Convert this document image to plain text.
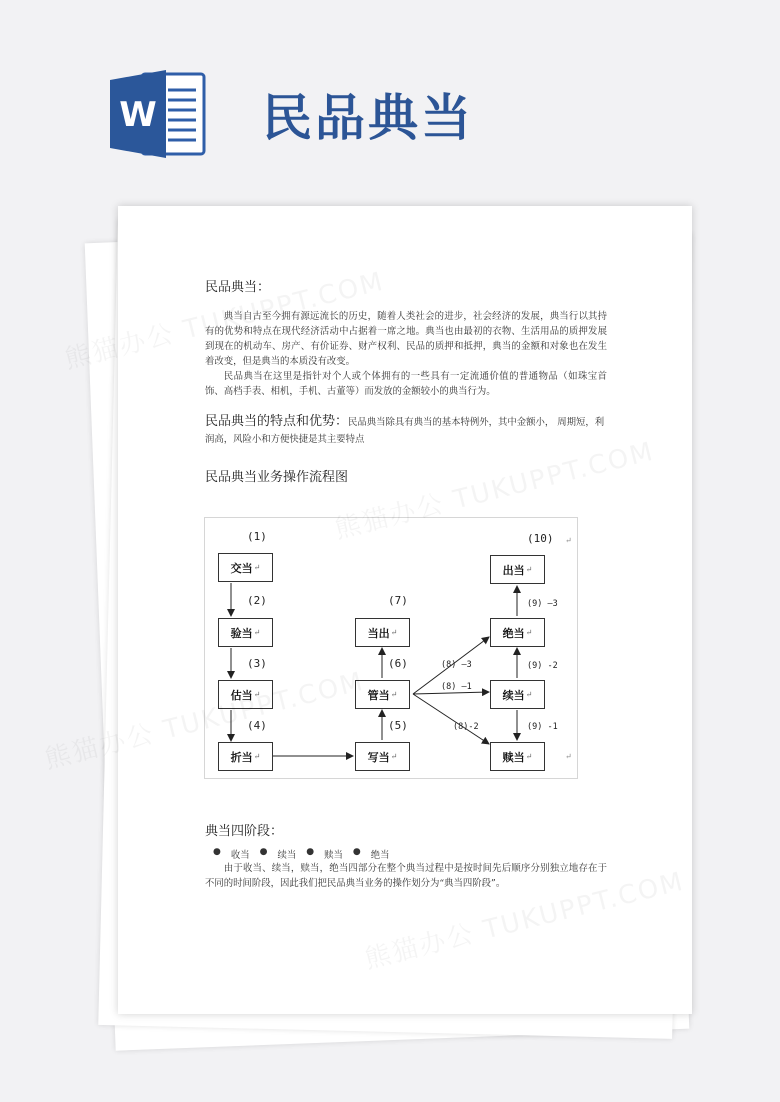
W 民品典当
民品典当：

典当自古至今拥有源远流长的历史，随着人类社会的进步，社会经济的发展，典当行以其持有的优势和特点在现代经济活动中占据着一席之地。典当也由最初的衣物、生活用品的质押发展到现在的机动车、房产、有价证券、财产权利、民品的质押和抵押，典当的金额和对象也在发生着改变，但是典当的本质没有改变。

民品典当在这里是指针对个人或个体拥有的一些具有一定流通价值的普通物品（如珠宝首饰、高档手表、相机，手机、古董等）而发放的金额较小的典当行为。

民品典当的特点和优势：民品典当除具有典当的基本特例外，其中金额小， 周期短，利润高，风险小和方便快捷是其主要特点
民品典当业务操作流程图
(1)
交当 ↵
(2)
验当 ↵
(3)
估当 ↵
(4)
折当 ↵
(7)
当出 ↵
(6)
管当 ↵
(5)
写当 ↵
(8) —3
(8) —1
(8)-2
(10) ↵
出当 ↵
(9) —3
绝当 ↵
(9) -2
续当 ↵
(9) -1
赎当 ↵	↵
典当四阶段：
● 收当 ● 续当 ● 赎当 ● 绝当

由于收当、续当，赎当，绝当四部分在整个典当过程中是按时间先后顺序分别独立地存在于不同的时间阶段，因此我们把民品典当业务的操作划分为“典当四阶段”。
